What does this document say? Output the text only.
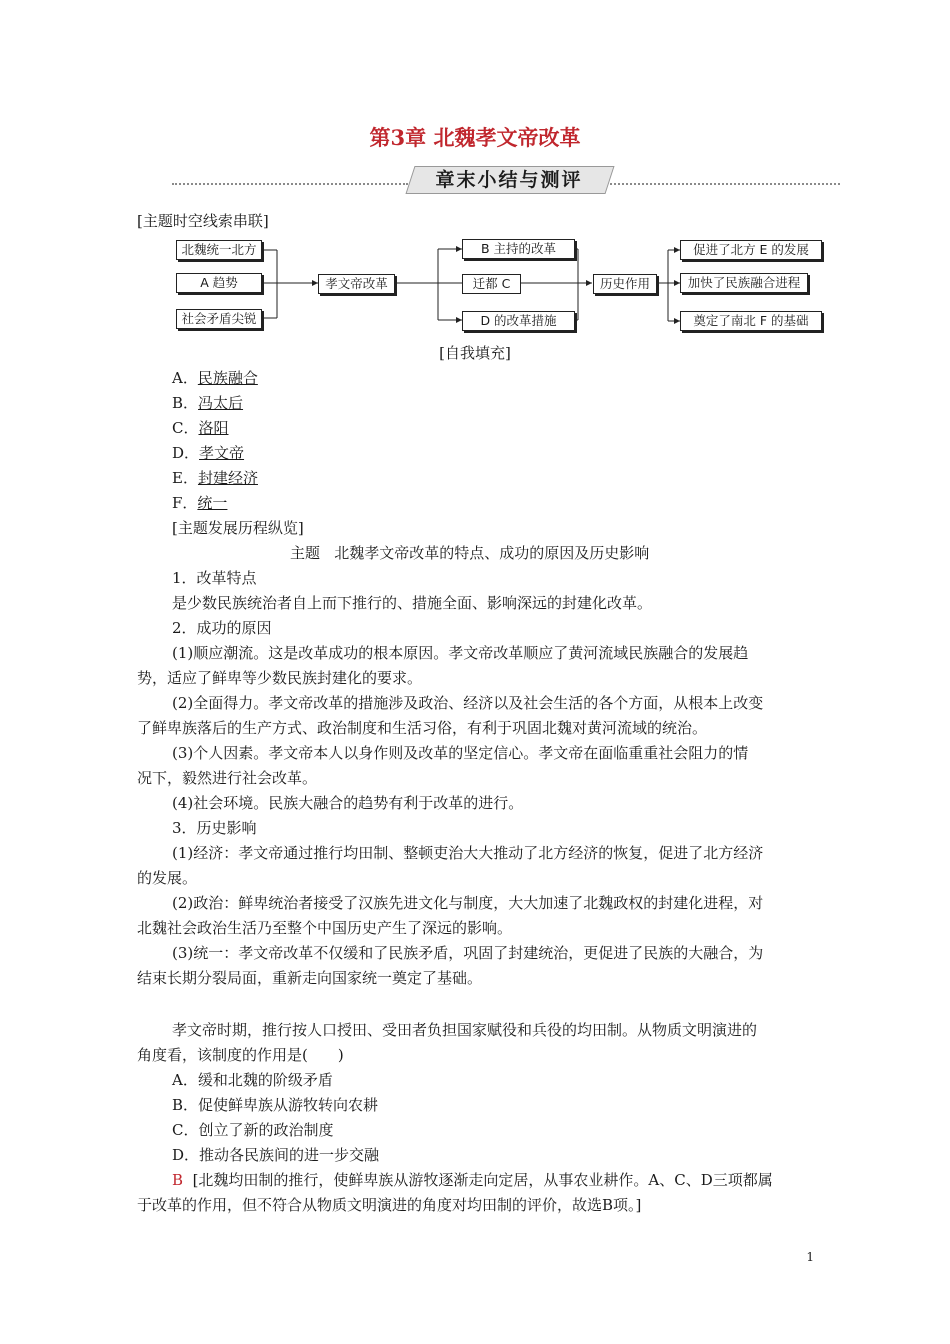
第3章 北魏孝文帝改革
章末小结与测评
[主题时空线索串联]
北魏统一北方
A 趋势
社会矛盾尖锐
孝文帝改革
B 主持的改革
迁都 C
D 的改革措施
历史作用
促进了北方 E 的发展
加快了民族融合进程
奠定了南北 F 的基础
[自我填充]
A．民族融合
B．冯太后
C．洛阳
D．孝文帝
E．封建经济
F．统一
[主题发展历程纵览]
主题   北魏孝文帝改革的特点、成功的原因及历史影响
1．改革特点
是少数民族统治者自上而下推行的、措施全面、影响深远的封建化改革。
2．成功的原因
(1)顺应潮流。这是改革成功的根本原因。孝文帝改革顺应了黄河流域民族融合的发展趋
势，适应了鲜卑等少数民族封建化的要求。
(2)全面得力。孝文帝改革的措施涉及政治、经济以及社会生活的各个方面，从根本上改变
了鲜卑族落后的生产方式、政治制度和生活习俗，有利于巩固北魏对黄河流域的统治。
(3)个人因素。孝文帝本人以身作则及改革的坚定信心。孝文帝在面临重重社会阻力的情
况下，毅然进行社会改革。
(4)社会环境。民族大融合的趋势有利于改革的进行。
3．历史影响
(1)经济：孝文帝通过推行均田制、整顿吏治大大推动了北方经济的恢复，促进了北方经济
的发展。
(2)政治：鲜卑统治者接受了汉族先进文化与制度，大大加速了北魏政权的封建化进程，对
北魏社会政治生活乃至整个中国历史产生了深远的影响。
(3)统一：孝文帝改革不仅缓和了民族矛盾，巩固了封建统治，更促进了民族的大融合，为
结束长期分裂局面，重新走向国家统一奠定了基础。
孝文帝时期，推行按人口授田、受田者负担国家赋役和兵役的均田制。从物质文明演进的
角度看，该制度的作用是(　　)
A．缓和北魏的阶级矛盾
B．促使鲜卑族从游牧转向农耕
C．创立了新的政治制度
D．推动各民族间的进一步交融
B  [北魏均田制的推行，使鲜卑族从游牧逐渐走向定居，从事农业耕作。A、C、D三项都属
于改革的作用，但不符合从物质文明演进的角度对均田制的评价，故选B项。]
1
